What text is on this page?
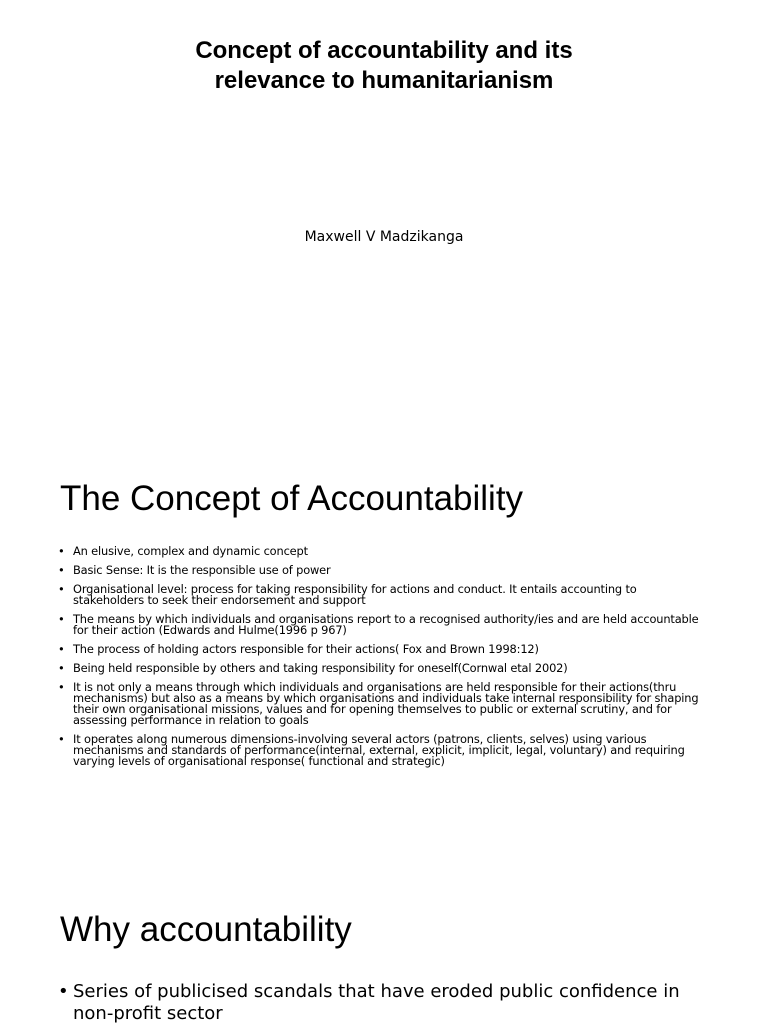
Concept of accountability and its
relevance to humanitarianism
Maxwell V Madzikanga
The Concept of Accountability
• An elusive, complex and dynamic concept
• Basic Sense: It is the responsible use of power
• Organisational level: process for taking responsibility for actions and conduct. It entails accounting to stakeholders to seek their endorsement and support
• The means by which individuals and organisations report to a recognised authority/ies and are held accountable for their action (Edwards and Hulme(1996 p 967)
• The process of holding actors responsible for their actions( Fox and Brown 1998:12)
• Being held responsible by others and taking responsibility for oneself(Cornwal etal 2002)
• It is not only a means through which individuals and organisations are held responsible for their actions(thru mechanisms) but also as a means by which organisations and individuals take internal responsibility for shaping their own organisational missions, values and for opening themselves to public or external scrutiny, and for assessing performance in relation to goals
• It operates along numerous dimensions-involving several actors (patrons, clients, selves) using various mechanisms and standards of performance(internal, external, explicit, implicit, legal, voluntary) and requiring varying levels of organisational response( functional and strategic)
Why accountability
• Series of publicised scandals that have eroded public confidence in non-profit sector
